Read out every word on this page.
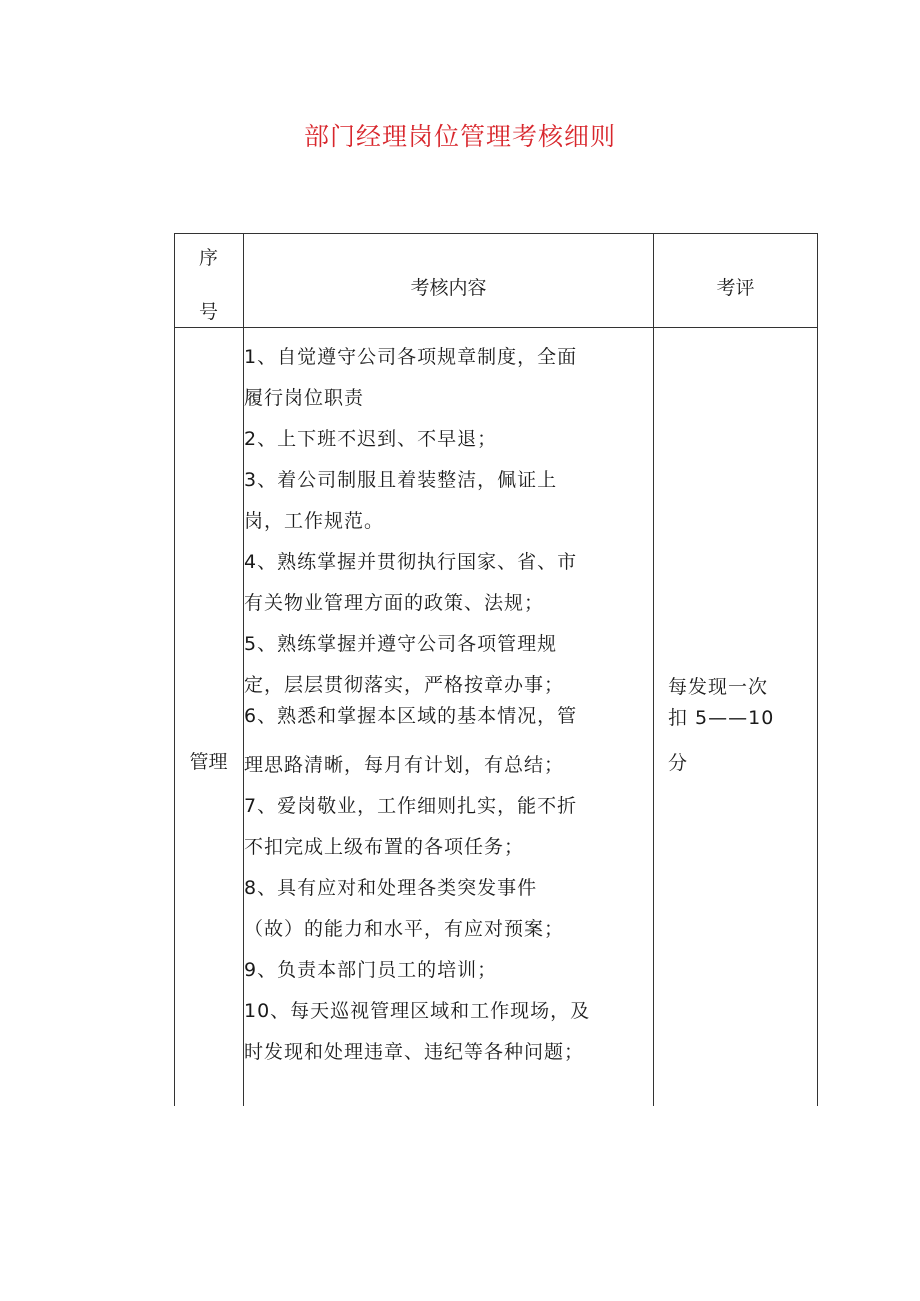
部门经理岗位管理考核细则
序
号
考核内容	考评
管理
1、自觉遵守公司各项规章制度，全面
履行岗位职责
2、上下班不迟到、不早退；
3、着公司制服且着装整洁，佩证上
岗，工作规范。
4、熟练掌握并贯彻执行国家、省、市
有关物业管理方面的政策、法规；
5、熟练掌握并遵守公司各项管理规
定，层层贯彻落实，严格按章办事；
6、熟悉和掌握本区域的基本情况，管
理思路清晰，每月有计划，有总结；
7、爱岗敬业，工作细则扎实，能不折
不扣完成上级布置的各项任务；
8、具有应对和处理各类突发事件
（故）的能力和水平，有应对预案；
9、负责本部门员工的培训；
10、每天巡视管理区域和工作现场，及
时发现和处理违章、违纪等各种问题；
每发现一次
扣 5——10
分
